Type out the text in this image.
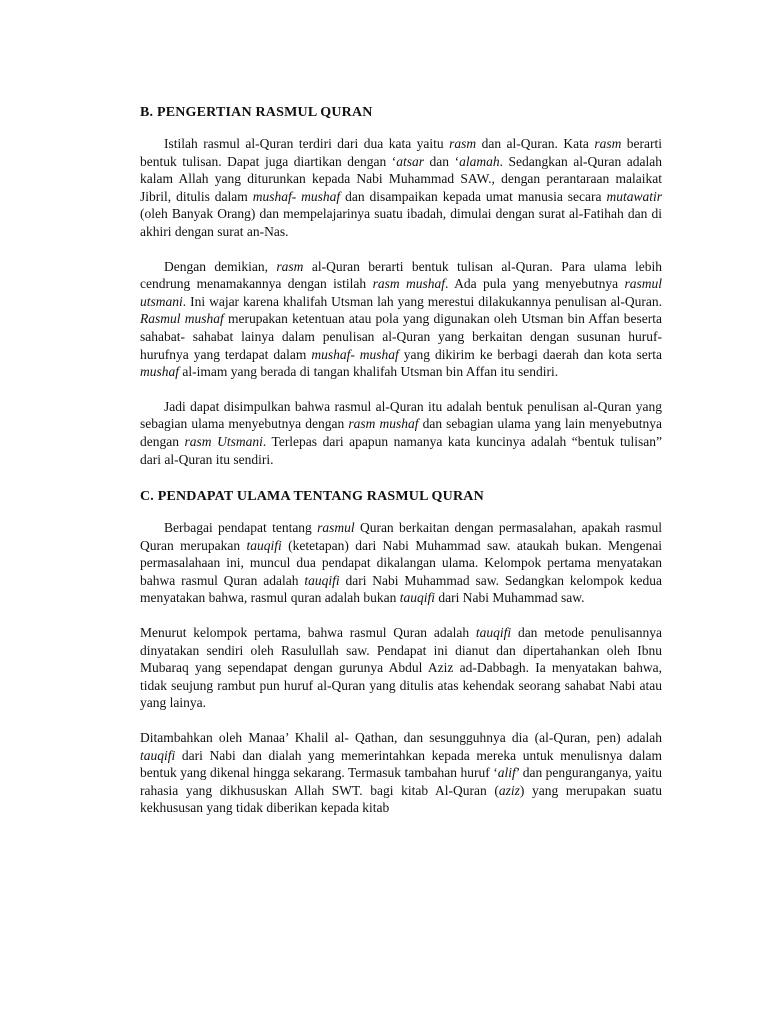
B. PENGERTIAN RASMUL QURAN

Istilah rasmul al-Quran terdiri dari dua kata yaitu rasm dan al-Quran. Kata rasm berarti bentuk tulisan. Dapat juga diartikan dengan ‘atsar dan ‘alamah. Sedangkan al-Quran adalah kalam Allah yang diturunkan kepada Nabi Muhammad SAW., dengan perantaraan malaikat Jibril, ditulis dalam mushaf- mushaf dan disampaikan kepada umat manusia secara mutawatir (oleh Banyak Orang) dan mempelajarinya suatu ibadah, dimulai dengan surat al-Fatihah dan di akhiri dengan surat an-Nas.

Dengan demikian, rasm al-Quran berarti bentuk tulisan al-Quran. Para ulama lebih cendrung menamakannya dengan istilah rasm mushaf. Ada pula yang menyebutnya rasmul utsmani. Ini wajar karena khalifah Utsman lah yang merestui dilakukannya penulisan al-Quran. Rasmul mushaf merupakan ketentuan atau pola yang digunakan oleh Utsman bin Affan beserta sahabat- sahabat lainya dalam penulisan al-Quran yang berkaitan dengan susunan huruf- hurufnya yang terdapat dalam mushaf- mushaf yang dikirim ke berbagi daerah dan kota serta mushaf al-imam yang berada di tangan khalifah Utsman bin Affan itu sendiri.

Jadi dapat disimpulkan bahwa rasmul al-Quran itu adalah bentuk penulisan al-Quran yang sebagian ulama menyebutnya dengan rasm mushaf dan sebagian ulama yang lain menyebutnya dengan rasm Utsmani. Terlepas dari apapun namanya kata kuncinya adalah “bentuk tulisan” dari al-Quran itu sendiri.

C. PENDAPAT ULAMA TENTANG RASMUL QURAN

Berbagai pendapat tentang rasmul Quran berkaitan dengan permasalahan, apakah rasmul Quran merupakan tauqifi (ketetapan) dari Nabi Muhammad saw. ataukah bukan. Mengenai permasalahaan ini, muncul dua pendapat dikalangan ulama. Kelompok pertama menyatakan bahwa rasmul Quran adalah tauqifi dari Nabi Muhammad saw. Sedangkan kelompok kedua menyatakan bahwa, rasmul quran adalah bukan tauqifi dari Nabi Muhammad saw.

Menurut kelompok pertama, bahwa rasmul Quran adalah tauqifi dan metode penulisannya dinyatakan sendiri oleh Rasulullah saw. Pendapat ini dianut dan dipertahankan oleh Ibnu Mubaraq yang sependapat dengan gurunya Abdul Aziz ad-Dabbagh. Ia menyatakan bahwa, tidak seujung rambut pun huruf al-Quran yang ditulis atas kehendak seorang sahabat Nabi atau yang lainya.

Ditambahkan oleh Manaa’ Khalil al- Qathan, dan sesungguhnya dia (al-Quran, pen) adalah tauqifi dari Nabi dan dialah yang memerintahkan kepada mereka untuk menulisnya dalam bentuk yang dikenal hingga sekarang. Termasuk tambahan huruf ‘alif’ dan penguranganya, yaitu rahasia yang dikhususkan Allah SWT. bagi kitab Al-Quran (aziz) yang merupakan suatu kekhususan yang tidak diberikan kepada kitab
